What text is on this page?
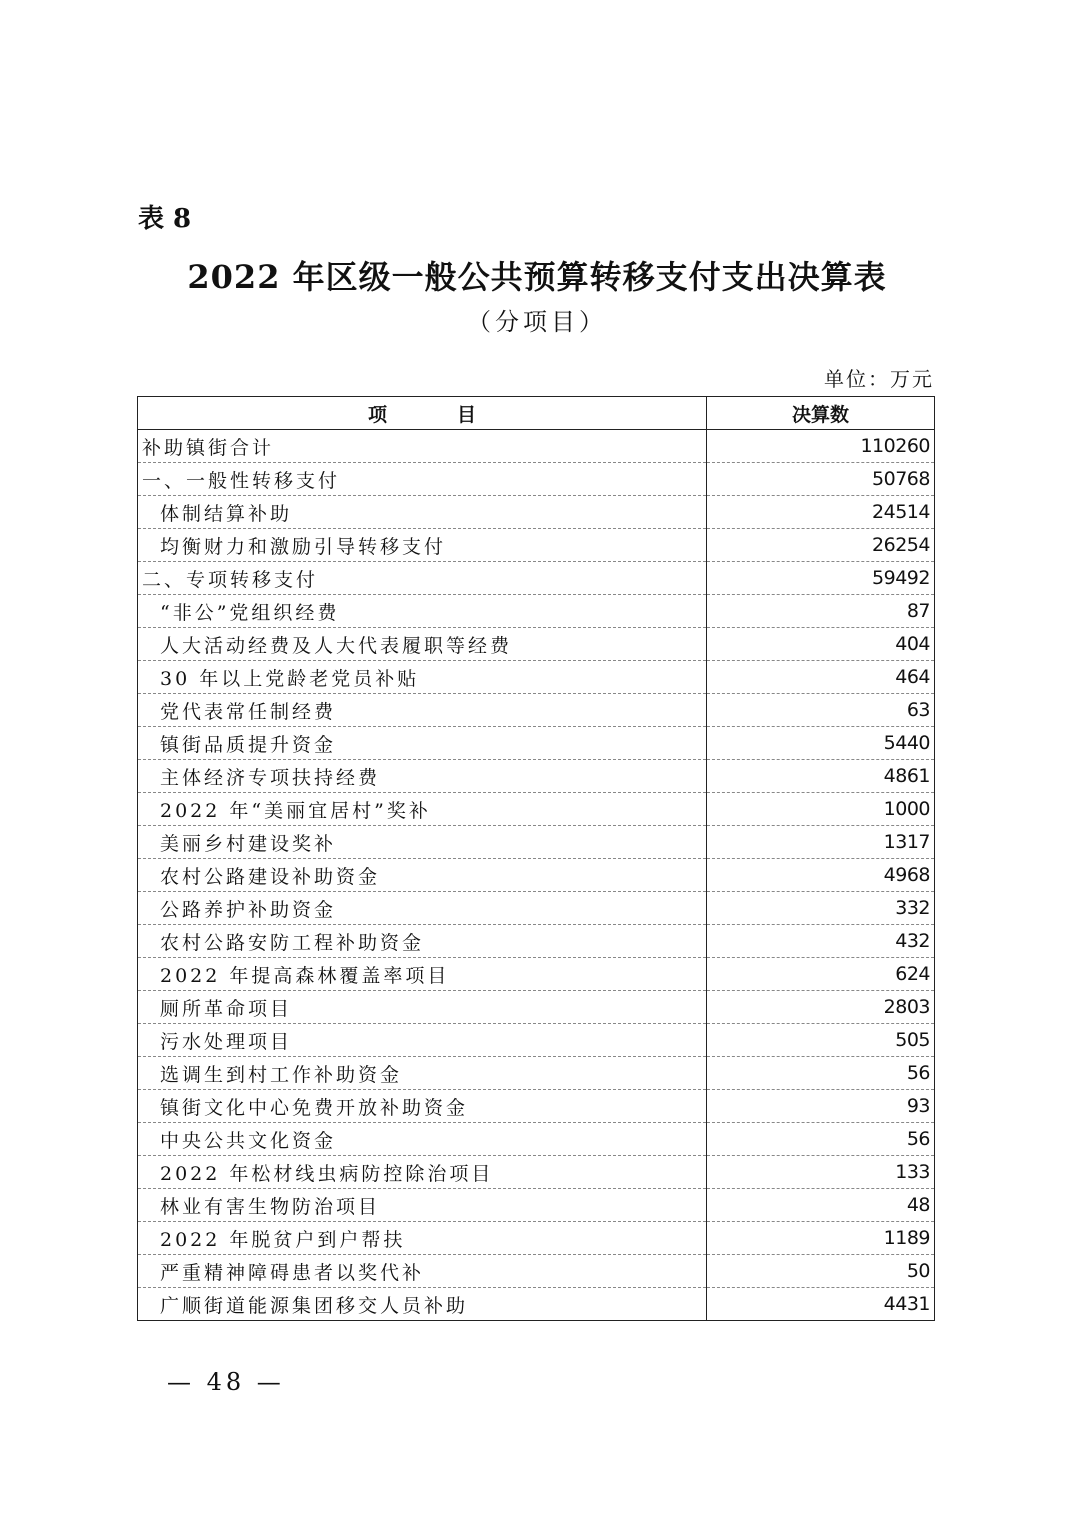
表 8
2022 年区级一般公共预算转移支付支出决算表
（分项目）
单位：万元
项目	决算数
补助镇街合计	110260
一、一般性转移支付	50768
体制结算补助	24514
均衡财力和激励引导转移支付	26254
二、专项转移支付	59492
“非公”党组织经费	87
人大活动经费及人大代表履职等经费	404
30 年以上党龄老党员补贴	464
党代表常任制经费	63
镇街品质提升资金	5440
主体经济专项扶持经费	4861
2022 年“美丽宜居村”奖补	1000
美丽乡村建设奖补	1317
农村公路建设补助资金	4968
公路养护补助资金	332
农村公路安防工程补助资金	432
2022 年提高森林覆盖率项目	624
厕所革命项目	2803
污水处理项目	505
选调生到村工作补助资金	56
镇街文化中心免费开放补助资金	93
中央公共文化资金	56
2022 年松材线虫病防控除治项目	133
林业有害生物防治项目	48
2022 年脱贫户到户帮扶	1189
严重精神障碍患者以奖代补	50
广顺街道能源集团移交人员补助	4431
— 48 —
